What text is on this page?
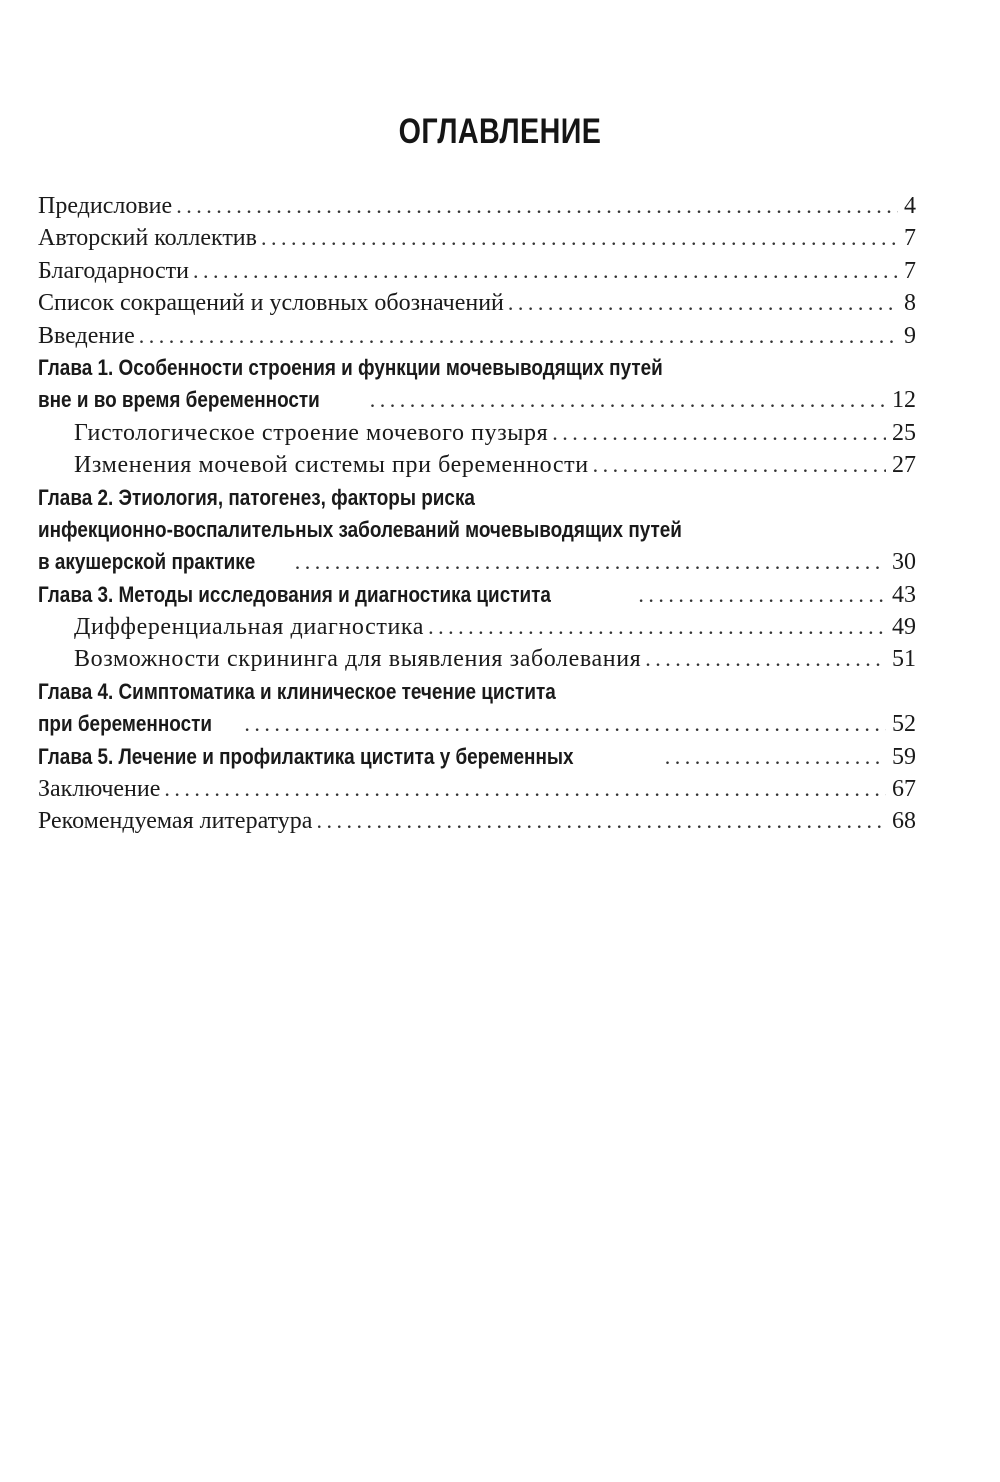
ОГЛАВЛЕНИЕ
Предисловие . . .	4
Авторский коллектив . . .	7
Благодарности . . .	7
Список сокращений и условных обозначений . . .	8
Введение . . .	9
Глава 1. Особенности строения и функции мочевыводящих путей
вне и во время беременности . . .	12
Гистологическое строение мочевого пузыря . . .	25
Изменения мочевой системы при беременности . . .	27
Глава 2. Этиология, патогенез, факторы риска
инфекционно-воспалительных заболеваний мочевыводящих путей
в акушерской практике . . .	30
Глава 3. Методы исследования и диагностика цистита . . .	43
Дифференциальная диагностика . . .	49
Возможности скрининга для выявления заболевания . . .	51
Глава 4. Симптоматика и клиническое течение цистита
при беременности . . .	52
Глава 5. Лечение и профилактика цистита у беременных . . .	59
Заключение . . .	67
Рекомендуемая литература . . .	68
